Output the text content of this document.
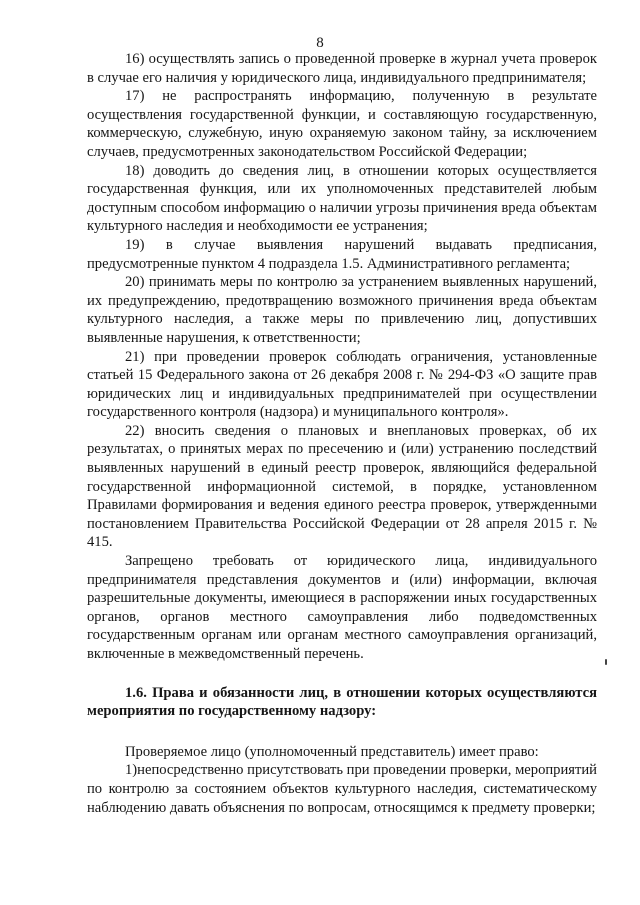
8

16) осуществлять запись о проведенной проверке в журнал учета проверок в случае его наличия у юридического лица, индивидуального предпринимателя;

17) не распространять информацию, полученную в результате осуществления государственной функции, и составляющую государственную, коммерческую, служебную, иную охраняемую законом тайну, за исключением случаев, предусмотренных законодательством Российской Федерации;

18) доводить до сведения лиц, в отношении которых осуществляется государственная функция, или их уполномоченных представителей любым доступным способом информацию о наличии угрозы причинения вреда объектам культурного наследия и необходимости ее устранения;

19) в случае выявления нарушений выдавать предписания, предусмотренные пунктом 4 подраздела 1.5. Административного регламента;

20) принимать меры по контролю за устранением выявленных нарушений, их предупреждению, предотвращению возможного причинения вреда объектам культурного наследия, а также меры по привлечению лиц, допустивших выявленные нарушения, к ответственности;

21) при проведении проверок соблюдать ограничения, установленные статьей 15 Федерального закона от 26 декабря 2008 г. № 294-ФЗ «О защите прав юридических лиц и индивидуальных предпринимателей при осуществлении государственного контроля (надзора) и муниципального контроля».

22) вносить сведения о плановых и внеплановых проверках, об их результатах, о принятых мерах по пресечению и (или) устранению последствий выявленных нарушений в единый реестр проверок, являющийся федеральной государственной информационной системой, в порядке, установленном Правилами формирования и ведения единого реестра проверок, утвержденными постановлением Правительства Российской Федерации от 28 апреля 2015 г. № 415.

Запрещено требовать от юридического лица, индивидуального предпринимателя представления документов и (или) информации, включая разрешительные документы, имеющиеся в распоряжении иных государственных органов, органов местного самоуправления либо подведомственных государственным органам или органам местного самоуправления организаций, включенные в межведомственный перечень.

1.6. Права и обязанности лиц, в отношении которых осуществляются мероприятия по государственному надзору:

Проверяемое лицо (уполномоченный представитель) имеет право:

1)непосредственно присутствовать при проведении проверки, мероприятий по контролю за состоянием объектов культурного наследия, систематическому наблюдению давать объяснения по вопросам, относящимся к предмету проверки;
